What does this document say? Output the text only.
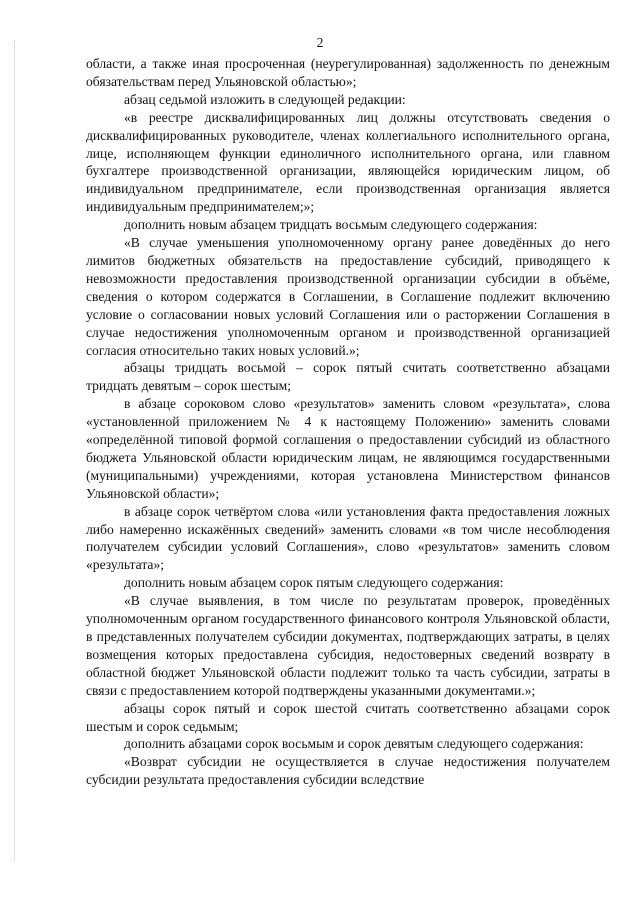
2

области, а также иная просроченная (неурегулированная) задолженность по денежным обязательствам перед Ульяновской областью»;

абзац седьмой изложить в следующей редакции:

«в реестре дисквалифицированных лиц должны отсутствовать сведения о дисквалифицированных руководителе, членах коллегиального исполнительного органа, лице, исполняющем функции единоличного исполнительного органа, или главном бухгалтере производственной организации, являющейся юридическим лицом, об индивидуальном предпринимателе, если производственная организация является индивидуальным предпринимателем;»;

дополнить новым абзацем тридцать восьмым следующего содержания:

«В случае уменьшения уполномоченному органу ранее доведённых до него лимитов бюджетных обязательств на предоставление субсидий, приводящего к невозможности предоставления производственной организации субсидии в объёме, сведения о котором содержатся в Соглашении, в Соглашение подлежит включению условие о согласовании новых условий Соглашения или о расторжении Соглашения в случае недостижения уполномоченным органом и производственной организацией согласия относительно таких новых условий.»;

абзацы тридцать восьмой – сорок пятый считать соответственно абзацами тридцать девятым – сорок шестым;

в абзаце сороковом слово «результатов» заменить словом «результата», слова «установленной приложением № 4 к настоящему Положению» заменить словами «определённой типовой формой соглашения о предоставлении субсидий из областного бюджета Ульяновской области юридическим лицам, не являющимся государственными (муниципальными) учреждениями, которая установлена Министерством финансов Ульяновской области»;

в абзаце сорок четвёртом слова «или установления факта предоставления ложных либо намеренно искажённых сведений» заменить словами «в том числе несоблюдения получателем субсидии условий Соглашения», слово «результатов» заменить словом «результата»;

дополнить новым абзацем сорок пятым следующего содержания:

«В случае выявления, в том числе по результатам проверок, проведённых уполномоченным органом государственного финансового контроля Ульяновской области, в представленных получателем субсидии документах, подтверждающих затраты, в целях возмещения которых предоставлена субсидия, недостоверных сведений возврату в областной бюджет Ульяновской области подлежит только та часть субсидии, затраты в связи с предоставлением которой подтверждены указанными документами.»;

абзацы сорок пятый и сорок шестой считать соответственно абзацами сорок шестым и сорок седьмым;

дополнить абзацами сорок восьмым и сорок девятым следующего содержания:

«Возврат субсидии не осуществляется в случае недостижения получателем субсидии результата предоставления субсидии вследствие
